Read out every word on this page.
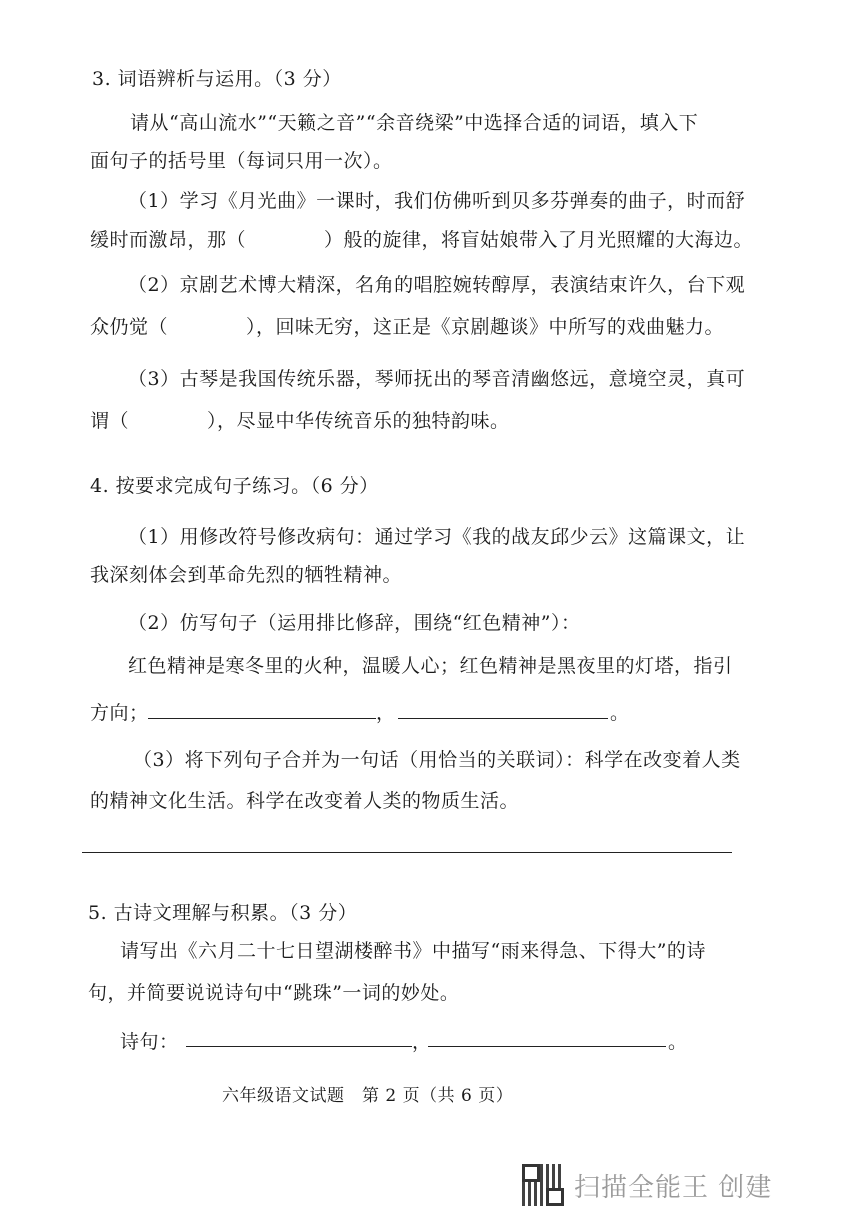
3. 词语辨析与运用。（3 分）
请从“高山流水”“天籁之音”“余音绕梁”中选择合适的词语，填入下
面句子的括号里（每词只用一次）。
（1）学习《月光曲》一课时，我们仿佛听到贝多芬弹奏的曲子，时而舒
缓时而激昂，那（　　　　）般的旋律，将盲姑娘带入了月光照耀的大海边。
（2）京剧艺术博大精深，名角的唱腔婉转醇厚，表演结束许久，台下观
众仍觉（　　　　），回味无穷，这正是《京剧趣谈》中所写的戏曲魅力。
（3）古琴是我国传统乐器，琴师抚出的琴音清幽悠远，意境空灵，真可
谓（　　　　），尽显中华传统音乐的独特韵味。
4. 按要求完成句子练习。（6 分）
（1）用修改符号修改病句：通过学习《我的战友邱少云》这篇课文，让
我深刻体会到革命先烈的牺牲精神。
（2）仿写句子（运用排比修辞，围绕“红色精神”）：
红色精神是寒冬里的火种，温暖人心；红色精神是黑夜里的灯塔，指引
方向；	，	。
（3）将下列句子合并为一句话（用恰当的关联词）：科学在改变着人类
的精神文化生活。科学在改变着人类的物质生活。
5. 古诗文理解与积累。（3 分）
请写出《六月二十七日望湖楼醉书》中描写“雨来得急、下得大”的诗
句，并简要说说诗句中“跳珠”一词的妙处。
诗句：	，	。
六年级语文试题　第 2 页（共 6 页）
扫描全能王 创建
